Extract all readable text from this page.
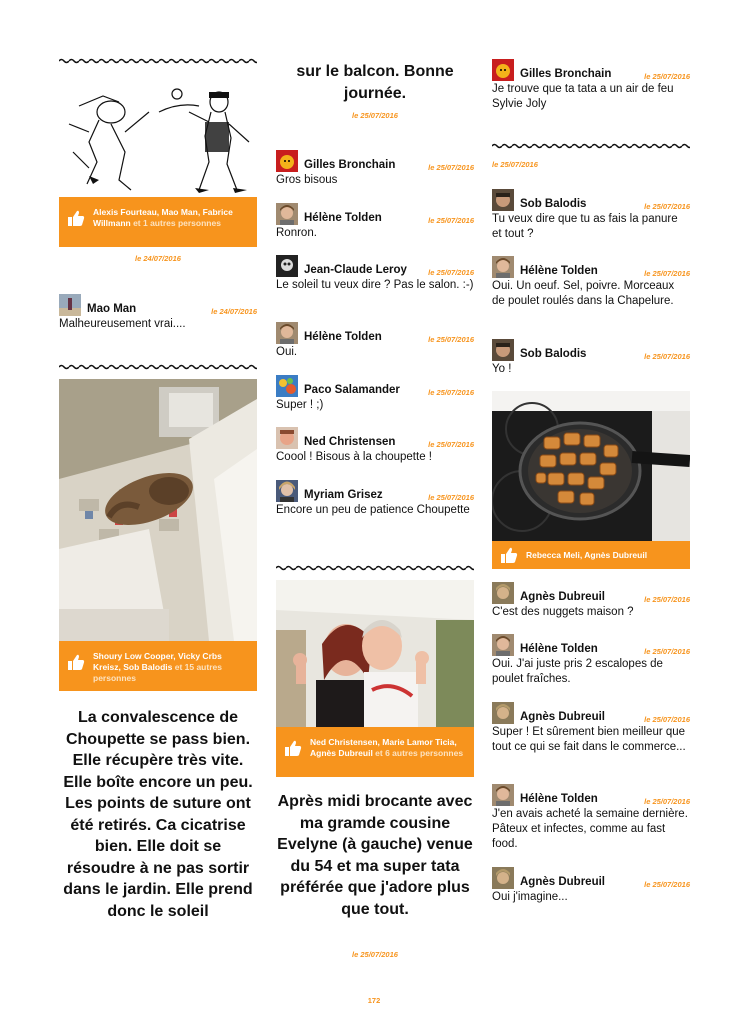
Alexis Fourteau, Mao Man, Fabrice Willmann et 1 autres personnes
le 24/07/2016
Mao Man	le 24/07/2016
Malheureusement vrai....
Shoury Low Cooper, Vicky Crbs Kreisz, Sob Balodis et 15 autres personnes
La convalescence de Choupette se pass bien. Elle récupère très vite. Elle boîte encore un peu. Les points de suture ont été retirés. Ca cicatrise bien. Elle doit se résoudre à ne pas sortir dans le jardin. Elle prend donc le soleil
sur le balcon. Bonne journée.
le 25/07/2016
Gilles Bronchain	le 25/07/2016
Gros bisous
Hélène Tolden	le 25/07/2016
Ronron.
Jean-Claude Leroy	le 25/07/2016
Le soleil tu veux dire ? Pas le salon. :-)
Hélène Tolden	le 25/07/2016
Oui.
Paco Salamander	le 25/07/2016
Super ! ;)
Ned Christensen	le 25/07/2016
Coool ! Bisous à la choupette !
Myriam Grisez	le 25/07/2016
Encore un peu de patience Choupette
Ned Christensen, Marie Lamor Ticia, Agnès Dubreuil et 6 autres personnes
Après midi brocante avec ma gramde cousine Evelyne (à gauche) venue du 54 et ma super tata préférée que j'adore plus que tout.
le 25/07/2016
Gilles Bronchain	le 25/07/2016
Je trouve que ta tata a un air de feu Sylvie Joly
le 25/07/2016
Sob Balodis	le 25/07/2016
Tu veux dire que tu as fais la panure et tout ?
Hélène Tolden	le 25/07/2016
Oui. Un oeuf. Sel, poivre. Morceaux de poulet roulés dans la Chapelure.
Sob Balodis	le 25/07/2016
Yo !
Rebecca Meli, Agnès Dubreuil
Agnès Dubreuil	le 25/07/2016
C'est des nuggets maison ?
Hélène Tolden	le 25/07/2016
Oui. J'ai juste pris 2 escalopes de poulet fraîches.
Agnès Dubreuil	le 25/07/2016
Super ! Et sûrement bien meilleur que tout ce qui se fait dans le commerce...
Hélène Tolden	le 25/07/2016
J'en avais acheté la semaine dernière. Pâteux et infectes, comme au fast food.
Agnès Dubreuil	le 25/07/2016
Oui j'imagine...
172
